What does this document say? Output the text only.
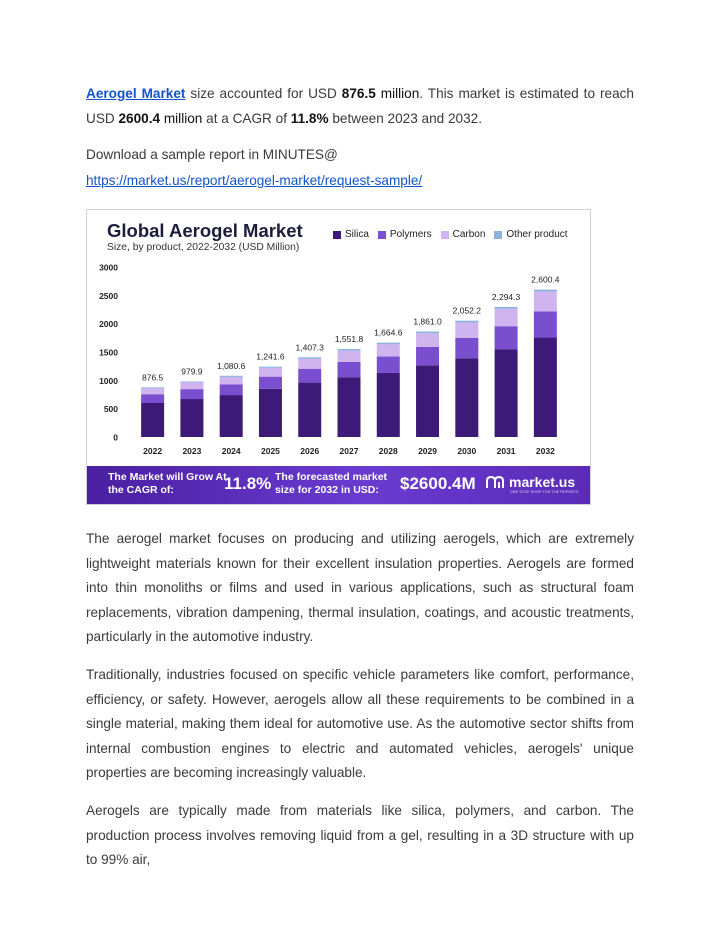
Aerogel Market size accounted for USD 876.5 million. This market is estimated to reach USD 2600.4 million at a CAGR of 11.8% between 2023 and 2032.

Download a sample report in MINUTES@

https://market.us/report/aerogel-market/request-sample/

0
500
1000
1500
2000
2500
3000
876.5
2022
979.9
2023
1,080.6
2024
1,241.6
2025
1,407.3
2026
1,551.8
2027
1,664.6
2028
1,861.0
2029
2,052.2
2030
2,294.3
2031
2,600.4
2032
Global Aerogel Market
Size, by product, 2022-2032 (USD Million)
Silica Polymers Carbon Other product
The Market will Grow At the CAGR of:	11.8% The forecasted market size for 2032 in USD:	$2600.4M market.us
ONE STOP SHOP FOR THE REPORTS

The aerogel market focuses on producing and utilizing aerogels, which are extremely lightweight materials known for their excellent insulation properties. Aerogels are formed into thin monoliths or films and used in various applications, such as structural foam replacements, vibration dampening, thermal insulation, coatings, and acoustic treatments, particularly in the automotive industry.

Traditionally, industries focused on specific vehicle parameters like comfort, performance, efficiency, or safety. However, aerogels allow all these requirements to be combined in a single material, making them ideal for automotive use. As the automotive sector shifts from internal combustion engines to electric and automated vehicles, aerogels' unique properties are becoming increasingly valuable.

Aerogels are typically made from materials like silica, polymers, and carbon. The production process involves removing liquid from a gel, resulting in a 3D structure with up to 99% air,
